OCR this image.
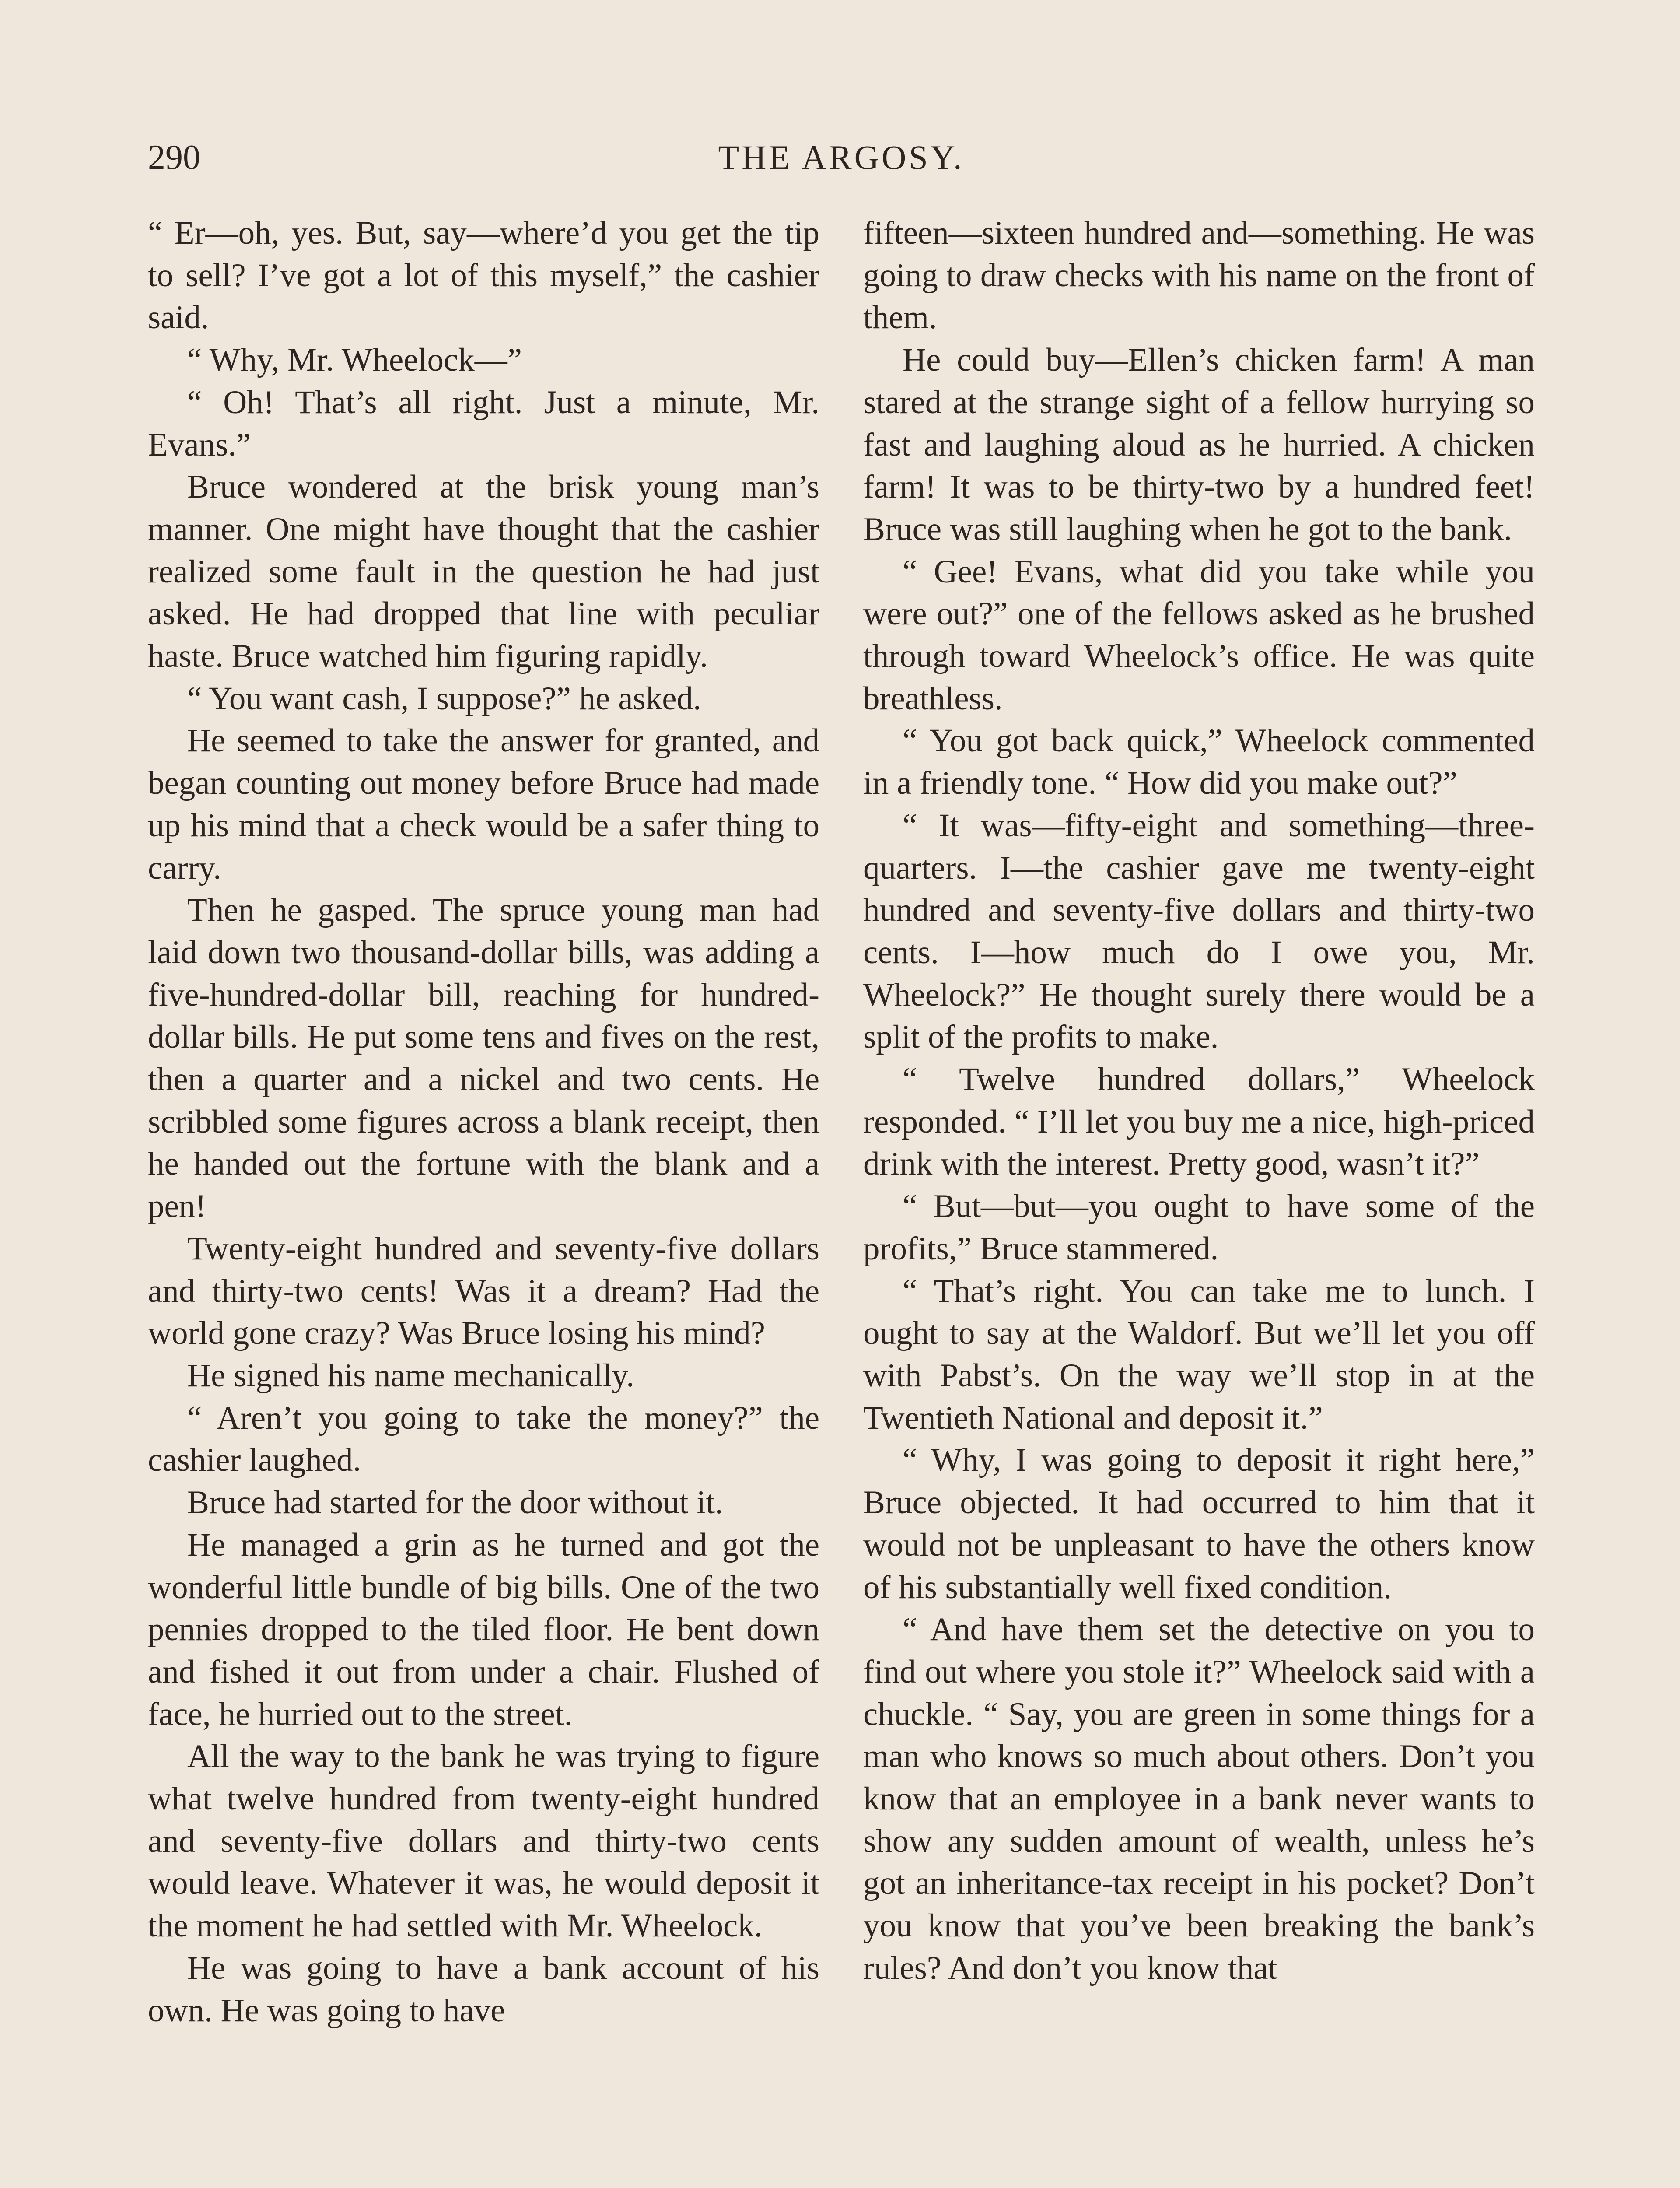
290	THE ARGOSY.

“ Er—oh, yes. But, say—where’d you get the tip to sell? I’ve got a lot of this myself,” the cashier said.

“ Why, Mr. Wheelock—”

“ Oh! That’s all right. Just a minute, Mr. Evans.”

Bruce wondered at the brisk young man’s manner. One might have thought that the cashier realized some fault in the question he had just asked. He had dropped that line with peculiar haste. Bruce watched him figuring rapidly.

“ You want cash, I suppose?” he asked.

He seemed to take the answer for granted, and began counting out money before Bruce had made up his mind that a check would be a safer thing to carry.

Then he gasped. The spruce young man had laid down two thousand-dollar bills, was adding a five-hundred-dollar bill, reaching for hundred-dollar bills. He put some tens and fives on the rest, then a quarter and a nickel and two cents. He scribbled some figures across a blank receipt, then he handed out the fortune with the blank and a pen!

Twenty-eight hundred and seventy-five dollars and thirty-two cents! Was it a dream? Had the world gone crazy? Was Bruce losing his mind?

He signed his name mechanically.

“ Aren’t you going to take the money?” the cashier laughed.

Bruce had started for the door without it.

He managed a grin as he turned and got the wonderful little bundle of big bills. One of the two pennies dropped to the tiled floor. He bent down and fished it out from under a chair. Flushed of face, he hurried out to the street.

All the way to the bank he was trying to figure what twelve hundred from twenty-eight hundred and seventy-five dollars and thirty-two cents would leave. Whatever it was, he would deposit it the moment he had settled with Mr. Wheelock.

He was going to have a bank account of his own. He was going to have

fifteen—sixteen hundred and—something. He was going to draw checks with his name on the front of them.

He could buy—Ellen’s chicken farm! A man stared at the strange sight of a fellow hurrying so fast and laughing aloud as he hurried. A chicken farm! It was to be thirty-two by a hundred feet! Bruce was still laughing when he got to the bank.

“ Gee! Evans, what did you take while you were out?” one of the fellows asked as he brushed through toward Wheelock’s office. He was quite breathless.

“ You got back quick,” Wheelock commented in a friendly tone. “ How did you make out?”

“ It was—fifty-eight and something—three-quarters. I—the cashier gave me twenty-eight hundred and seventy-five dollars and thirty-two cents. I—how much do I owe you, Mr. Wheelock?” He thought surely there would be a split of the profits to make.

“ Twelve hundred dollars,” Wheelock responded. “ I’ll let you buy me a nice, high-priced drink with the interest. Pretty good, wasn’t it?”

“ But—but—you ought to have some of the profits,” Bruce stammered.

“ That’s right. You can take me to lunch. I ought to say at the Waldorf. But we’ll let you off with Pabst’s. On the way we’ll stop in at the Twentieth National and deposit it.”

“ Why, I was going to deposit it right here,” Bruce objected. It had occurred to him that it would not be unpleasant to have the others know of his substantially well fixed condition.

“ And have them set the detective on you to find out where you stole it?” Wheelock said with a chuckle. “ Say, you are green in some things for a man who knows so much about others. Don’t you know that an employee in a bank never wants to show any sudden amount of wealth, unless he’s got an inheritance-tax receipt in his pocket? Don’t you know that you’ve been breaking the bank’s rules? And don’t you know that
